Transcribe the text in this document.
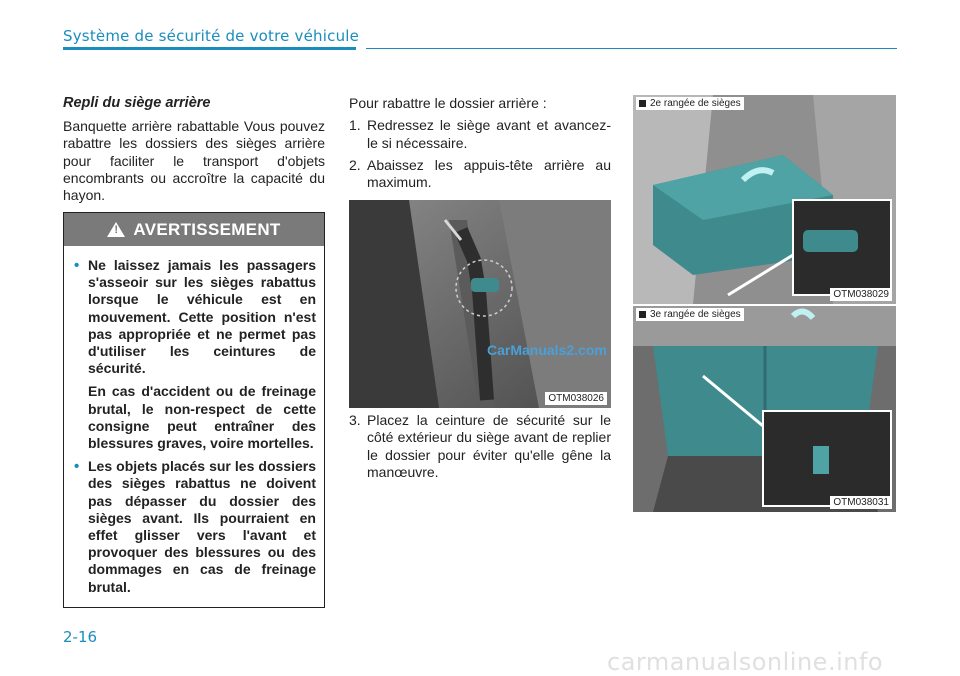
Système de sécurité de votre véhicule

Repli du siège arrière

Banquette arrière rabattable Vous pouvez rabattre les dossiers des sièges arrière pour faciliter le transport d'objets encombrants ou accroître la capacité du hayon.

! AVERTISSEMENT

• Ne laissez jamais les passagers s'asseoir sur les sièges rabattus lorsque le véhicule est en mouvement. Cette position n'est pas appropriée et ne permet pas d'utiliser les ceintures de sécurité.

En cas d'accident ou de freinage brutal, le non-respect de cette consigne peut entraîner des blessures graves, voire mortelles.

• Les objets placés sur les dossiers des sièges rabattus ne doivent pas dépasser du dossier des sièges avant. Ils pourraient en effet glisser vers l'avant et provoquer des blessures ou des dommages en cas de freinage brutal.

Pour rabattre le dossier arrière :

1. Redressez le siège avant et avancez-le si nécessaire.

2. Abaissez les appuis-tête arrière au maximum.

CarManuals2.com
OTM038026

3. Placez la ceinture de sécurité sur le côté extérieur du siège avant de replier le dossier pour éviter qu'elle gêne la manœuvre.

2e rangée de sièges
OTM038029
3e rangée de sièges
OTM038031
2-16
carmanualsonline.info
